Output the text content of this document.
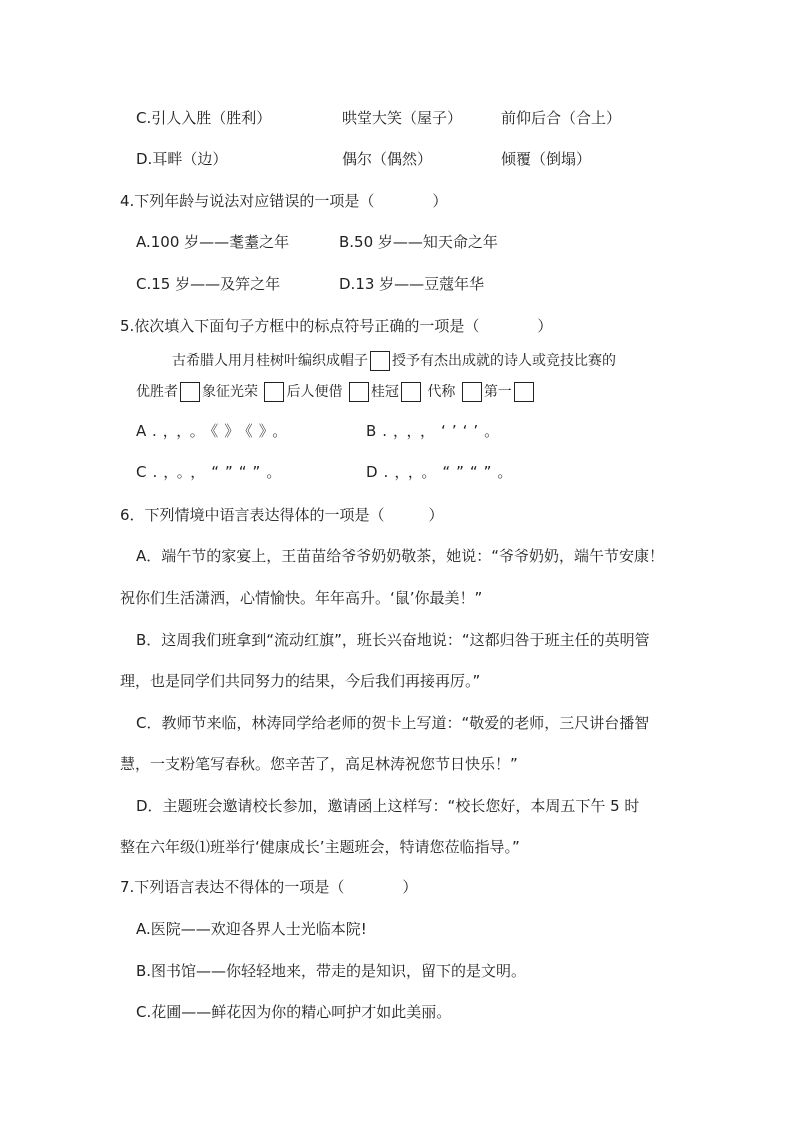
C.引人入胜（胜利）	哄堂大笑（屋子）	前仰后合（合上）
D.耳畔（边）	偶尔（偶然）	倾覆（倒塌）
4.下列年龄与说法对应错误的一项是（	）
A.100 岁——耄耋之年	B.50 岁——知天命之年
C.15 岁——及笄之年	D.13 岁——豆蔻年华
5.依次填入下面句子方框中的标点符号正确的一项是（	）
古希腊人用月桂树叶编织成帽子 授予有杰出成就的诗人或竞技比赛的
优胜者 象征光荣 后人便借 桂冠 代称 第一
A.，，。《》《》。	B.，，，‘’‘’。
C.，。，“”“”。	D.，，。“”“”。
6．下列情境中语言表达得体的一项是（	）
A．端午节的家宴上，王苗苗给爷爷奶奶敬茶，她说：“爷爷奶奶，端午节安康！
祝你们生活潇洒，心情愉快。年年高升。‘鼠’你最美！”
B．这周我们班拿到“流动红旗”，班长兴奋地说：“这都归咎于班主任的英明管
理，也是同学们共同努力的结果，今后我们再接再厉。”
C．教师节来临，林涛同学给老师的贺卡上写道：“敬爱的老师，三尺讲台播智
慧，一支粉笔写春秋。您辛苦了，高足林涛祝您节日快乐！”
D．主题班会邀请校长参加，邀请函上这样写：“校长您好，本周五下午 5 时
整在六年级⑴班举行‘健康成长’主题班会，特请您莅临指导。”
7.下列语言表达不得体的一项是（	）
A.医院——欢迎各界人士光临本院!
B.图书馆——你轻轻地来，带走的是知识，留下的是文明。
C.花圃——鲜花因为你的精心呵护才如此美丽。
